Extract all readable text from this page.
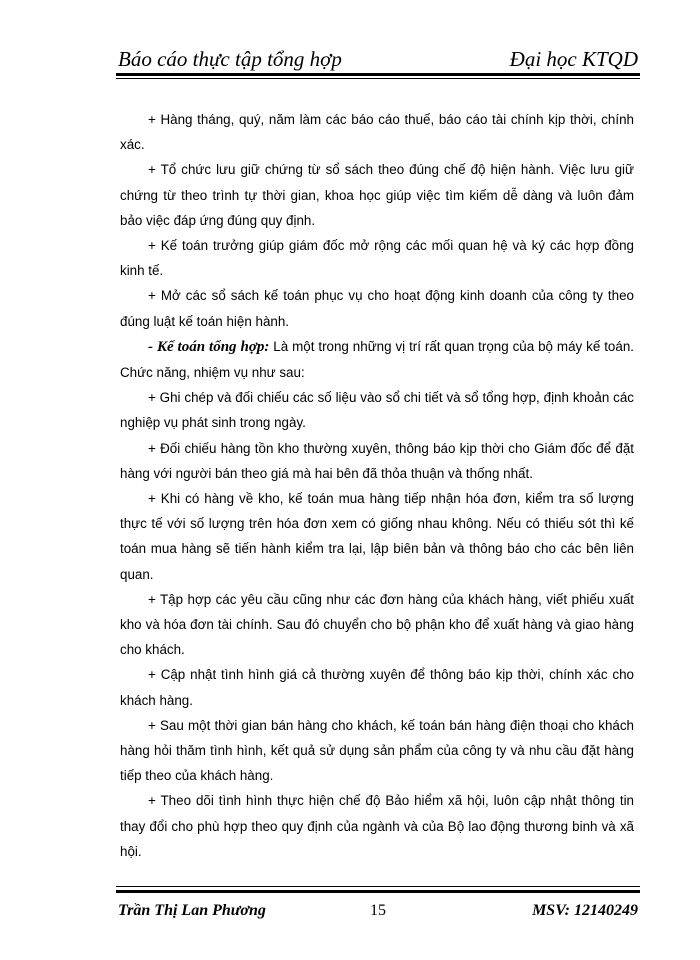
Báo cáo thực tập tổng hợp	Đại học KTQD

+ Hàng tháng, quý, năm làm các báo cáo thuế, báo cáo tài chính kịp thời, chính xác.

+ Tổ chức lưu giữ chứng từ sổ sách theo đúng chế độ hiện hành. Việc lưu giữ chứng từ theo trình tự thời gian, khoa học giúp việc tìm kiếm dễ dàng và luôn đảm bảo việc đáp ứng đúng quy định.

+ Kế toán trưởng giúp giám đốc mở rộng các mối quan hệ và ký các hợp đồng kinh tế.

+ Mở các sổ sách kế toán phục vụ cho hoạt động kinh doanh của công ty theo đúng luật kế toán hiện hành.

- Kế toán tổng hợp: Là một trong những vị trí rất quan trọng của bộ máy kế toán. Chức năng, nhiệm vụ như sau:

+ Ghi chép và đối chiếu các số liệu vào sổ chi tiết và sổ tổng hợp, định khoản các nghiệp vụ phát sinh trong ngày.

+ Đối chiếu hàng tồn kho thường xuyên, thông báo kịp thời cho Giám đốc để đặt hàng với người bán theo giá mà hai bên đã thỏa thuận và thống nhất.

+ Khi có hàng về kho, kế toán mua hàng tiếp nhận hóa đơn, kiểm tra số lượng thực tế với số lượng trên hóa đơn xem có giống nhau không. Nếu có thiếu sót thì kế toán mua hàng sẽ tiến hành kiểm tra lại, lập biên bản và thông báo cho các bên liên quan.

+ Tập hợp các yêu cầu cũng như các đơn hàng của khách hàng, viết phiếu xuất kho và hóa đơn tài chính. Sau đó chuyển cho bộ phận kho để xuất hàng và giao hàng cho khách.

+ Cập nhật tình hình giá cả thường xuyên để thông báo kịp thời, chính xác cho khách hàng.

+ Sau một thời gian bán hàng cho khách, kế toán bán hàng điện thoại cho khách hàng hỏi thăm tình hình, kết quả sử dụng sản phẩm của công ty và nhu cầu đặt hàng tiếp theo của khách hàng.

+ Theo dõi tình hình thực hiện chế độ Bảo hiểm xã hội, luôn cập nhật thông tin thay đổi cho phù hợp theo quy định của ngành và của Bộ lao động thương binh và xã hội.

Trần Thị Lan Phương	15	MSV: 12140249
